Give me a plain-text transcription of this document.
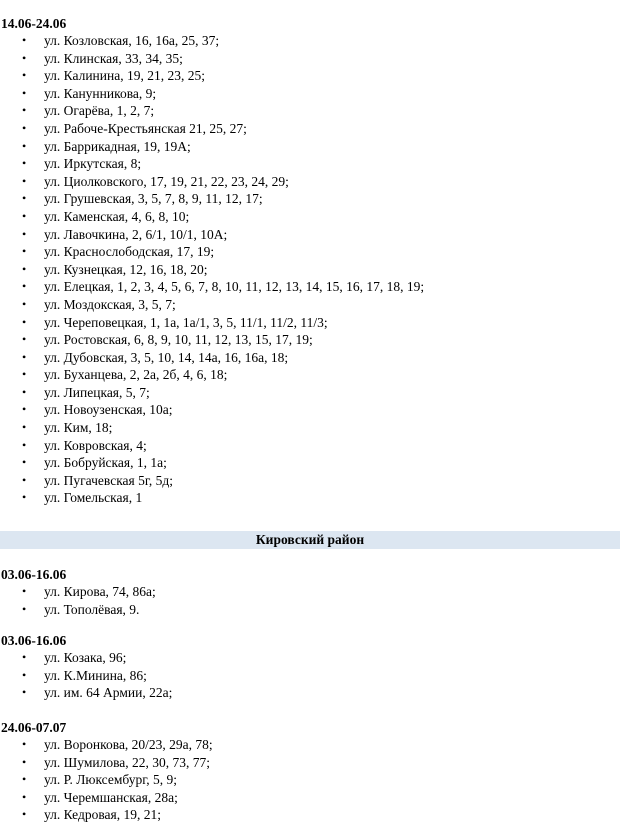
14.06-24.06

• ул. Козловская, 16, 16а, 25, 37;
• ул. Клинская, 33, 34, 35;
• ул. Калинина, 19, 21, 23, 25;
• ул. Канунникова, 9;
• ул. Огарёва, 1, 2, 7;
• ул. Рабоче-Крестьянская 21, 25, 27;
• ул. Баррикадная, 19, 19А;
• ул. Иркутская, 8;
• ул. Циолковского, 17, 19, 21, 22, 23, 24, 29;
• ул. Грушевская, 3, 5, 7, 8, 9, 11, 12, 17;
• ул. Каменская, 4, 6, 8, 10;
• ул. Лавочкина, 2, 6/1, 10/1, 10А;
• ул. Краснослободская, 17, 19;
• ул. Кузнецкая, 12, 16, 18, 20;
• ул. Елецкая, 1, 2, 3, 4, 5, 6, 7, 8, 10, 11, 12, 13, 14, 15, 16, 17, 18, 19;
• ул. Моздокская, 3, 5, 7;
• ул. Череповецкая, 1, 1а, 1а/1, 3, 5, 11/1, 11/2, 11/3;
• ул. Ростовская, 6, 8, 9, 10, 11, 12, 13, 15, 17, 19;
• ул. Дубовская, 3, 5, 10, 14, 14а, 16, 16а, 18;
• ул. Буханцева, 2, 2а, 2б, 4, 6, 18;
• ул. Липецкая, 5, 7;
• ул. Новоузенская, 10а;
• ул. Ким, 18;
• ул. Ковровская, 4;
• ул. Бобруйская, 1, 1а;
• ул. Пугачевская 5г, 5д;
• ул. Гомельская, 1
Кировский район

03.06-16.06

• ул. Кирова, 74, 86а;
• ул. Тополёвая, 9.

03.06-16.06

• ул. Козака, 96;
• ул. К.Минина, 86;
• ул. им. 64 Армии, 22а;

24.06-07.07

• ул. Воронкова, 20/23, 29а, 78;
• ул. Шумилова, 22, 30, 73, 77;
• ул. Р. Люксембург, 5, 9;
• ул. Черемшанская, 28а;
• ул. Кедровая, 19, 21;
